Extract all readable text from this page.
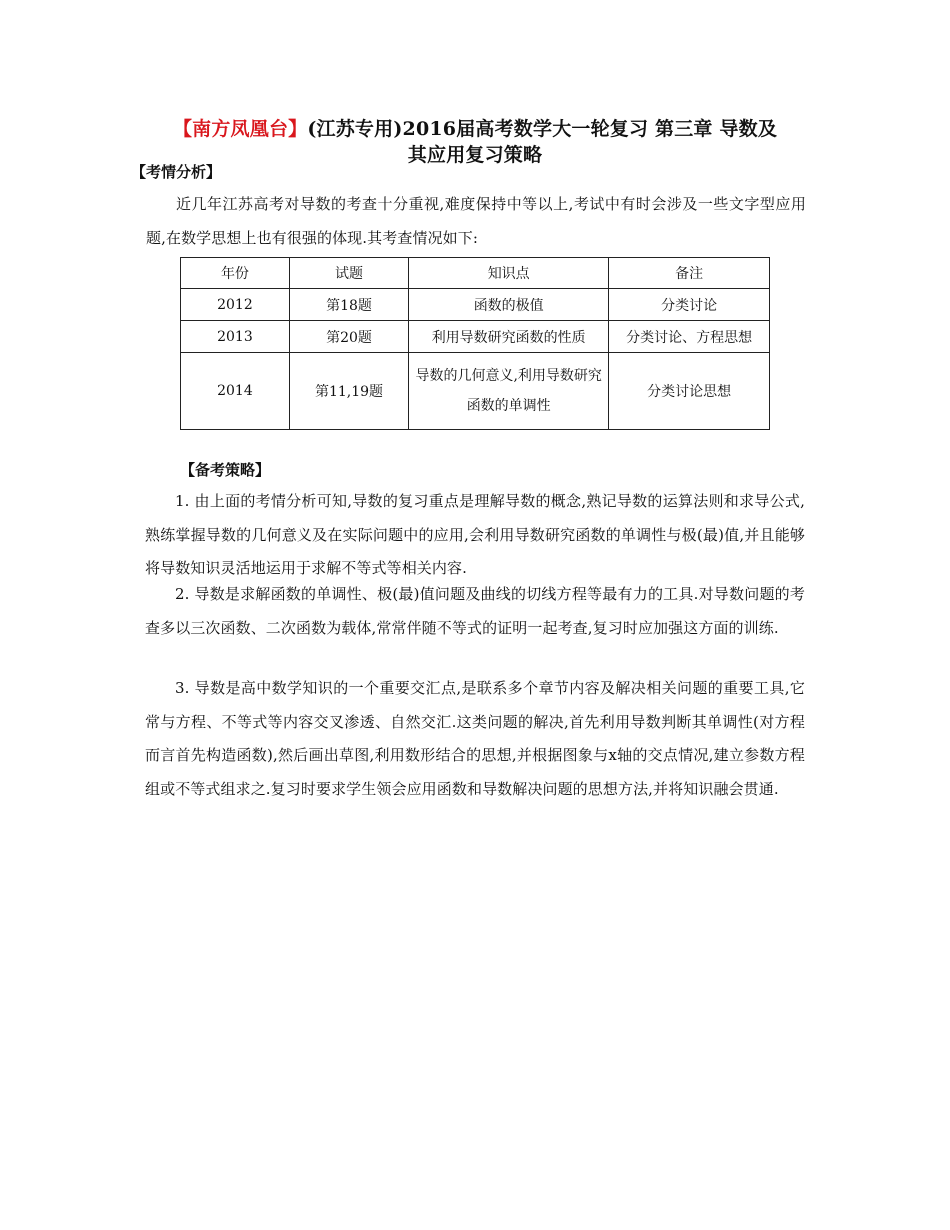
【南方凤凰台】(江苏专用)2016届高考数学大一轮复习 第三章 导数及
其应用复习策略
【考情分析】
近几年江苏高考对导数的考查十分重视,难度保持中等以上,考试中有时会涉及一些文字型应用题,在数学思想上也有很强的体现.其考查情况如下:
年份	试题	知识点	备注
2012	第18题	函数的极值	分类讨论
2013	第20题	利用导数研究函数的性质	分类讨论、方程思想
2014	第11,19题	导数的几何意义,利用导数研究函数的单调性	分类讨论思想
【备考策略】
1. 由上面的考情分析可知,导数的复习重点是理解导数的概念,熟记导数的运算法则和求导公式,熟练掌握导数的几何意义及在实际问题中的应用,会利用导数研究函数的单调性与极(最)值,并且能够将导数知识灵活地运用于求解不等式等相关内容.
2. 导数是求解函数的单调性、极(最)值问题及曲线的切线方程等最有力的工具.对导数问题的考查多以三次函数、二次函数为载体,常常伴随不等式的证明一起考查,复习时应加强这方面的训练.
3. 导数是高中数学知识的一个重要交汇点,是联系多个章节内容及解决相关问题的重要工具,它常与方程、不等式等内容交叉渗透、自然交汇.这类问题的解决,首先利用导数判断其单调性(对方程而言首先构造函数),然后画出草图,利用数形结合的思想,并根据图象与x轴的交点情况,建立参数方程组或不等式组求之.复习时要求学生领会应用函数和导数解决问题的思想方法,并将知识融会贯通.
